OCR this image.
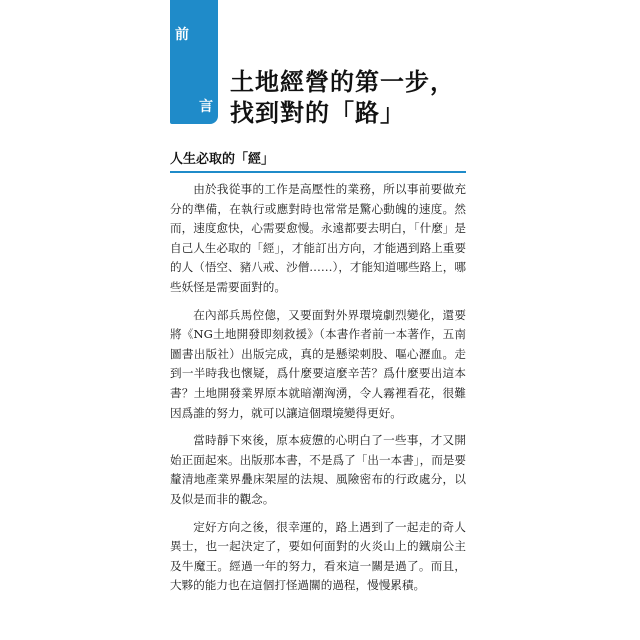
前
言
土地經營的第一步，
找到對的「路」
人生必取的「經」

由於我從事的工作是高壓性的業務，所以事前要做充分的準備，在執行或應對時也常常是驚心動魄的速度。然而，速度愈快，心需要愈慢。永遠都要去明白，「什麼」是自己人生必取的「經」，才能訂出方向，才能遇到路上重要的人（悟空、豬八戒、沙僧……），才能知道哪些路上，哪些妖怪是需要面對的。

在內部兵馬倥傯，又要面對外界環境劇烈變化，還要將《NG土地開發即刻救援》（本書作者前一本著作，五南圖書出版社）出版完成，真的是懸梁刺股、嘔心瀝血。走到一半時我也懷疑，爲什麼要這麼辛苦？爲什麼要出這本書？土地開發業界原本就暗潮洶湧，令人霧裡看花，很難因爲誰的努力，就可以讓這個環境變得更好。

當時靜下來後，原本疲憊的心明白了一些事，才又開始正面起來。出版那本書，不是爲了「出一本書」，而是要釐清地產業界疊床架屋的法規、風險密布的行政處分，以及似是而非的觀念。

定好方向之後，很幸運的，路上遇到了一起走的奇人異士，也一起決定了，要如何面對的火炎山上的鐵扇公主及牛魔王。經過一年的努力，看來這一關是過了。而且，大夥的能力也在這個打怪過關的過程，慢慢累積。
